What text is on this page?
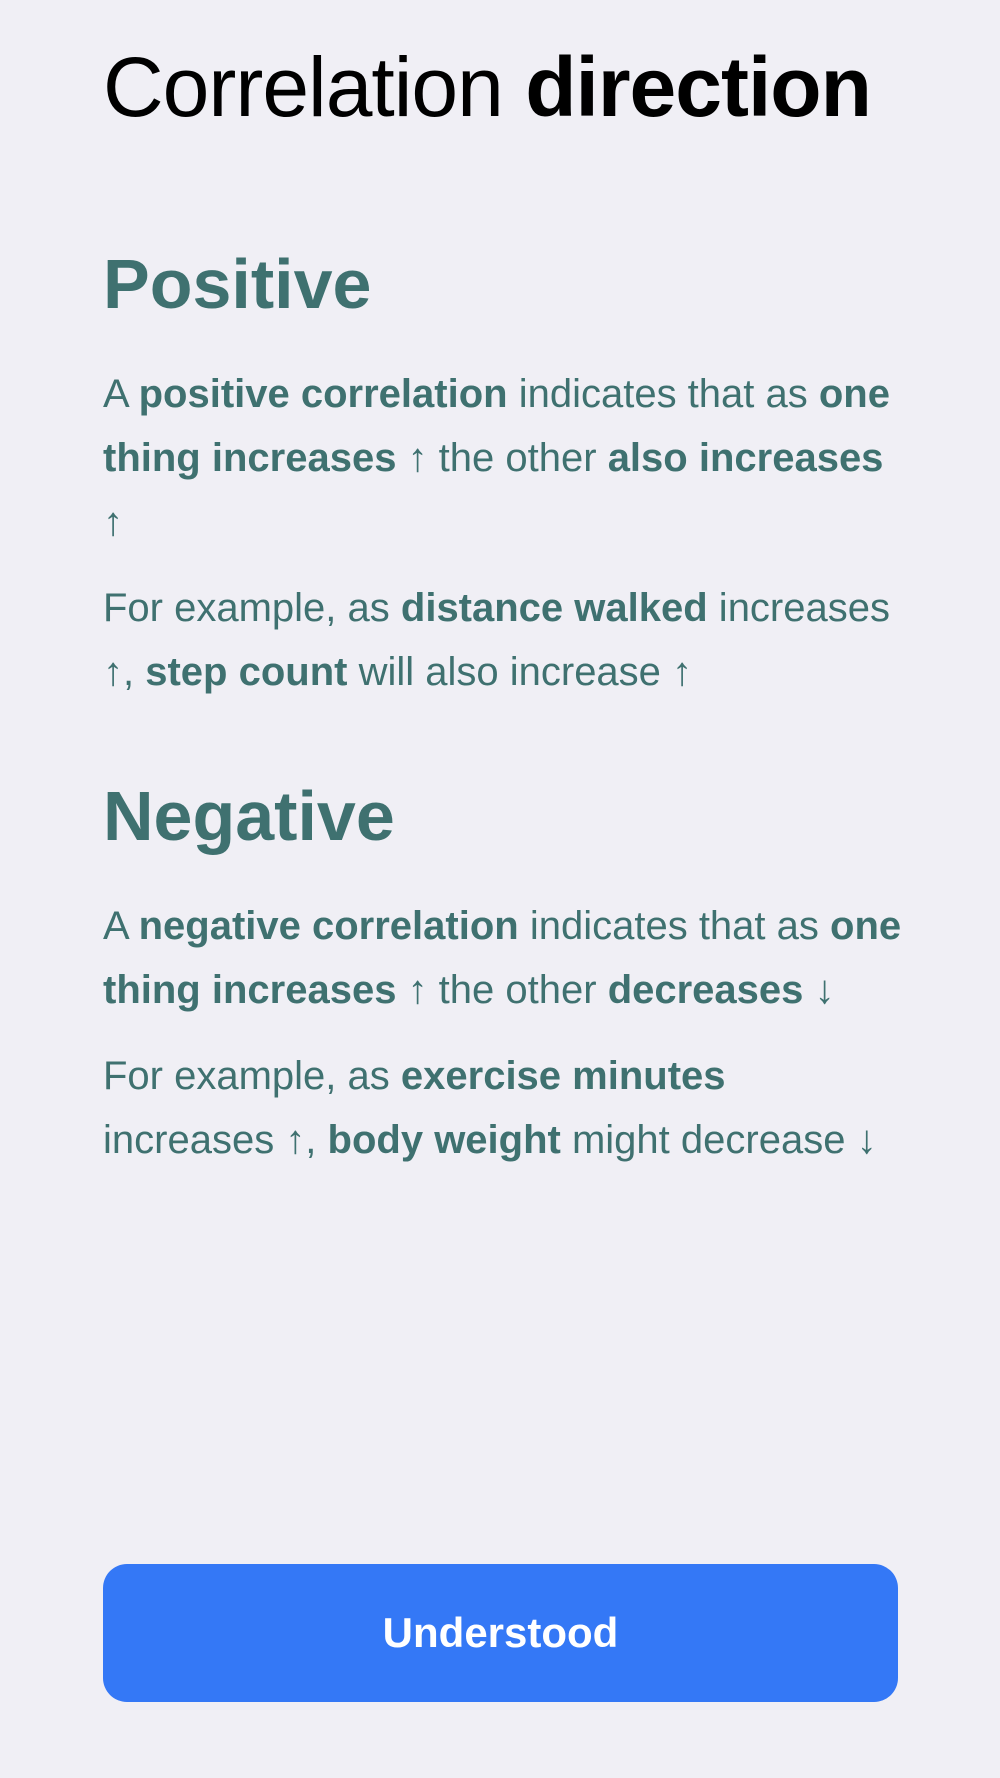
Correlation direction
Positive

A positive correlation indicates that as one thing increases ↑ the other also increases ↑

For example, as distance walked increases ↑, step count will also increase ↑

Negative

A negative correlation indicates that as one thing increases ↑ the other decreases ↓

For example, as exercise minutes increases ↑, body weight might decrease ↓

Understood
